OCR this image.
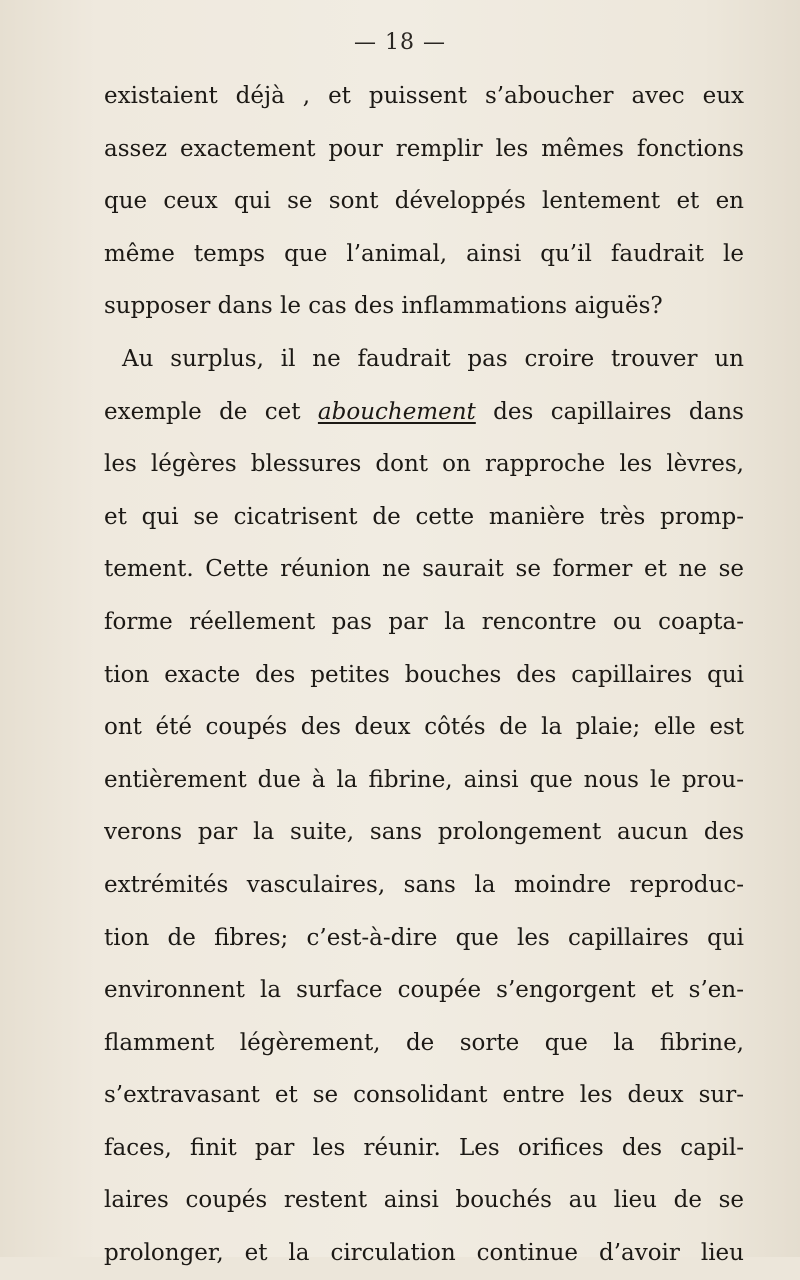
— 18 —
existaient déjà , et puissent s’aboucher avec eux
assez exactement pour remplir les mêmes fonctions
que ceux qui se sont développés lentement et en
même temps que l’animal, ainsi qu’il faudrait le
supposer dans le cas des inflammations aiguës?
Au surplus, il ne faudrait pas croire trouver un
exemple de cet abouchement des capillaires dans
les légères blessures dont on rapproche les lèvres,
et qui se cicatrisent de cette manière très promp-
tement. Cette réunion ne saurait se former et ne se
forme réellement pas par la rencontre ou coapta-
tion exacte des petites bouches des capillaires qui
ont été coupés des deux côtés de la plaie; elle est
entièrement due à la fibrine, ainsi que nous le prou-
verons par la suite, sans prolongement aucun des
extrémités vasculaires, sans la moindre reproduc-
tion de fibres; c’est-à-dire que les capillaires qui
environnent la surface coupée s’engorgent et s’en-
flamment légèrement, de sorte que la fibrine,
s’extravasant et se consolidant entre les deux sur-
faces, finit par les réunir. Les orifices des capil-
laires coupés restent ainsi bouchés au lieu de se
prolonger, et la circulation continue d’avoir lieu
